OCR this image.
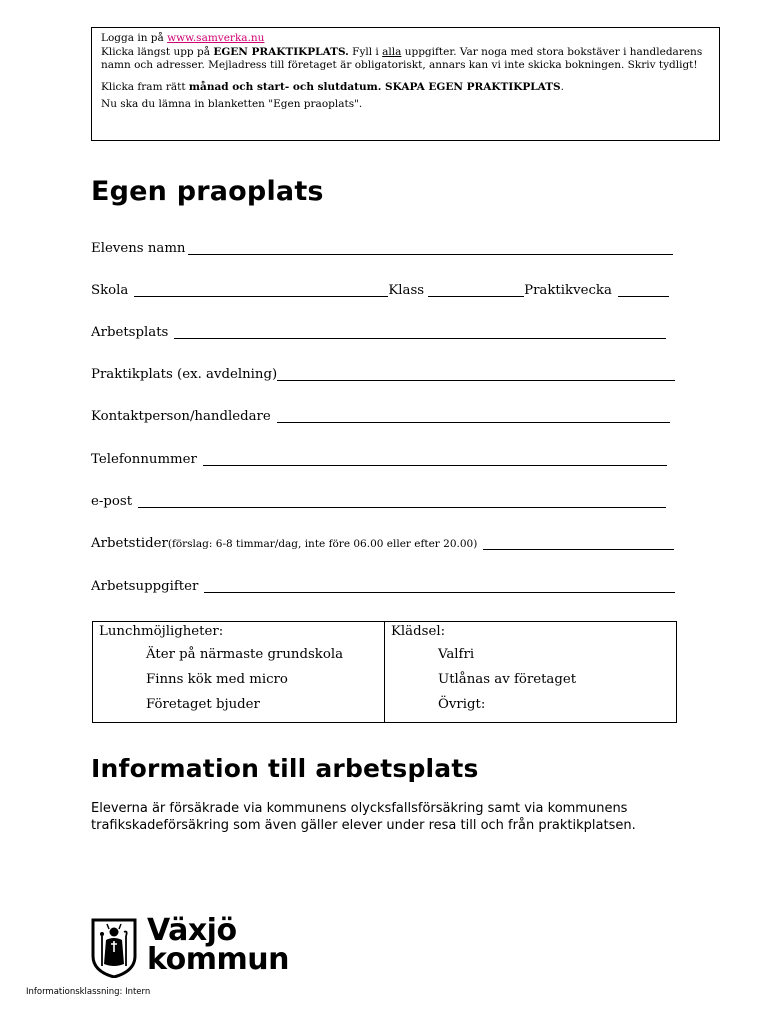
Logga in på www.samverka.nu
Klicka längst upp på EGEN PRAKTIKPLATS. Fyll i alla uppgifter. Var noga med stora bokstäver i handledarens
namn och adresser. Mejladress till företaget är obligatoriskt, annars kan vi inte skicka bokningen. Skriv tydligt!
Klicka fram rätt månad och start- och slutdatum. SKAPA EGEN PRAKTIKPLATS.
Nu ska du lämna in blanketten "Egen praoplats".
Egen praoplats
Elevens namn
Skola	Klass	Praktikvecka
Arbetsplats
Praktikplats (ex. avdelning)
Kontaktperson/handledare
Telefonnummer
e-post
Arbetstider (förslag: 6-8 timmar/dag, inte före 06.00 eller efter 20.00)
Arbetsuppgifter
Lunchmöjligheter:
Äter på närmaste grundskola
Finns kök med micro
Företaget bjuder
Klädsel:
Valfri
Utlånas av företaget
Övrigt:
Information till arbetsplats
Eleverna är försäkrade via kommunens olycksfallsförsäkring samt via kommunens trafikskadeförsäkring som även gäller elever under resa till och från praktikplatsen.
Växjö
kommun
Informationsklassning: Intern
